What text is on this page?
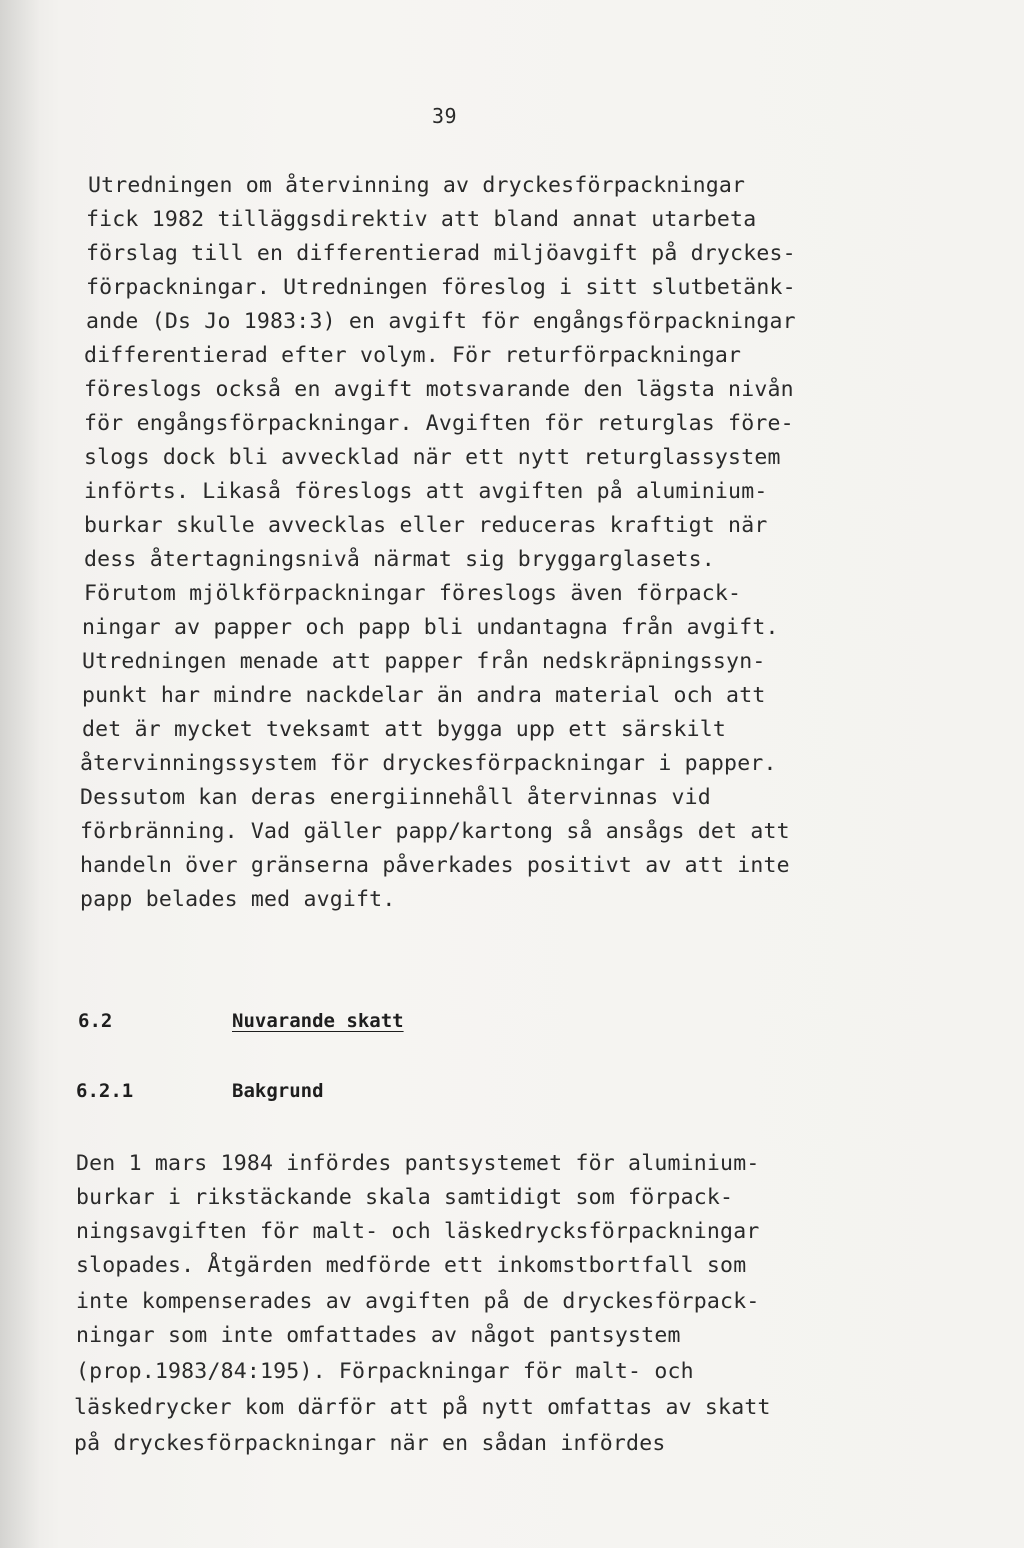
39

Utredningen om återvinning av dryckesförpackningar

fick 1982 tilläggsdirektiv att bland annat utarbeta

förslag till en differentierad miljöavgift på dryckes-

förpackningar. Utredningen föreslog i sitt slutbetänk-

ande (Ds Jo 1983:3) en avgift för engångsförpackningar

differentierad efter volym. För returförpackningar

föreslogs också en avgift motsvarande den lägsta nivån

för engångsförpackningar. Avgiften för returglas före-

slogs dock bli avvecklad när ett nytt returglassystem

införts. Likaså föreslogs att avgiften på aluminium-

burkar skulle avvecklas eller reduceras kraftigt när

dess återtagningsnivå närmat sig bryggarglasets.

Förutom mjölkförpackningar föreslogs även förpack-

ningar av papper och papp bli undantagna från avgift.

Utredningen menade att papper från nedskräpningssyn-

punkt har mindre nackdelar än andra material och att

det är mycket tveksamt att bygga upp ett särskilt

återvinningssystem för dryckesförpackningar i papper.

Dessutom kan deras energiinnehåll återvinnas vid

förbränning. Vad gäller papp/kartong så ansågs det att

handeln över gränserna påverkades positivt av att inte

papp belades med avgift.

6.2	Nuvarande skatt
6.2.1	Bakgrund

Den 1 mars 1984 infördes pantsystemet för aluminium-

burkar i rikstäckande skala samtidigt som förpack-

ningsavgiften för malt- och läskedrycksförpackningar

slopades. Åtgärden medförde ett inkomstbortfall som

inte kompenserades av avgiften på de dryckesförpack-

ningar som inte omfattades av något pantsystem

(prop.1983/84:195). Förpackningar för malt- och

läskedrycker kom därför att på nytt omfattas av skatt

på dryckesförpackningar när en sådan infördes
